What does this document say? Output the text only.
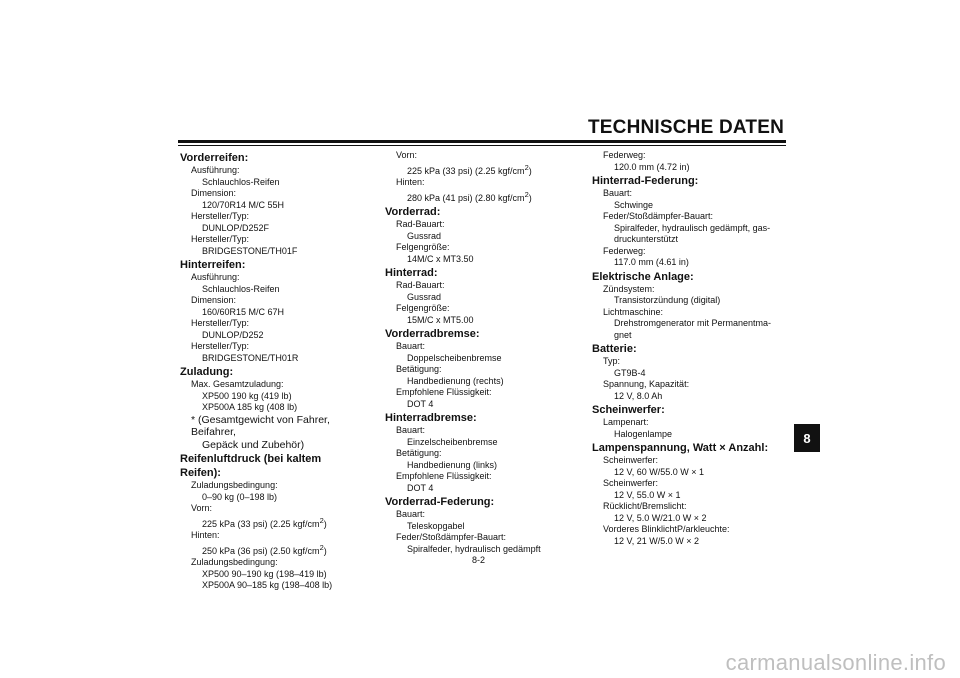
TECHNISCHE DATEN
Vorderreifen:
Ausführung:
Schlauchlos-Reifen
Dimension:
120/70R14 M/C 55H
Hersteller/Typ:
DUNLOP/D252F
Hersteller/Typ:
BRIDGESTONE/TH01F
Hinterreifen:
Ausführung:
Schlauchlos-Reifen
Dimension:
160/60R15 M/C 67H
Hersteller/Typ:
DUNLOP/D252
Hersteller/Typ:
BRIDGESTONE/TH01R
Zuladung:
Max. Gesamtzuladung:
XP500 190 kg (419 lb)
XP500A 185 kg (408 lb)
* (Gesamtgewicht von Fahrer, Beifahrer,
Gepäck und Zubehör)
Reifenluftdruck (bei kaltem Reifen):
Zuladungsbedingung:
0–90 kg (0–198 lb)
Vorn:
225 kPa (33 psi) (2.25 kgf/$cm^2$)
Hinten:
250 kPa (36 psi) (2.50 kgf/$cm^2$)
Zuladungsbedingung:
XP500 90–190 kg (198–419 lb)
XP500A 90–185 kg (198–408 lb)
Vorn:
225 kPa (33 psi) (2.25 kgf/$cm^2$)
Hinten:
280 kPa (41 psi) (2.80 kgf/$cm^2$)
Vorderrad:
Rad-Bauart:
Gussrad
Felgengröße:
14M/C x MT3.50
Hinterrad:
Rad-Bauart:
Gussrad
Felgengröße:
15M/C x MT5.00
Vorderradbremse:
Bauart:
Doppelscheibenbremse
Betätigung:
Handbedienung (rechts)
Empfohlene Flüssigkeit:
DOT 4
Hinterradbremse:
Bauart:
Einzelscheibenbremse
Betätigung:
Handbedienung (links)
Empfohlene Flüssigkeit:
DOT 4
Vorderrad-Federung:
Bauart:
Teleskopgabel
Feder/Stoßdämpfer-Bauart:
Spiralfeder, hydraulisch gedämpft
Federweg:
120.0 mm (4.72 in)
Hinterrad-Federung:
Bauart:
Schwinge
Feder/Stoßdämpfer-Bauart:
Spiralfeder, hydraulisch gedämpft, gas-
druckunterstützt
Federweg:
117.0 mm (4.61 in)
Elektrische Anlage:
Zündsystem:
Transistorzündung (digital)
Lichtmaschine:
Drehstromgenerator mit Permanentma-
gnet
Batterie:
Typ:
GT9B-4
Spannung, Kapazität:
12 V, 8.0 Ah
Scheinwerfer:
Lampenart:
Halogenlampe
Lampenspannung, Watt × Anzahl:
Scheinwerfer:
12 V, 60 W/55.0 W × 1
Scheinwerfer:
12 V, 55.0 W × 1
Rücklicht/Bremslicht:
12 V, 5.0 W/21.0 W × 2
Vorderes BlinklichtP/arkleuchte:
12 V, 21 W/5.0 W × 2
8-2
8
carmanualsonline.info
